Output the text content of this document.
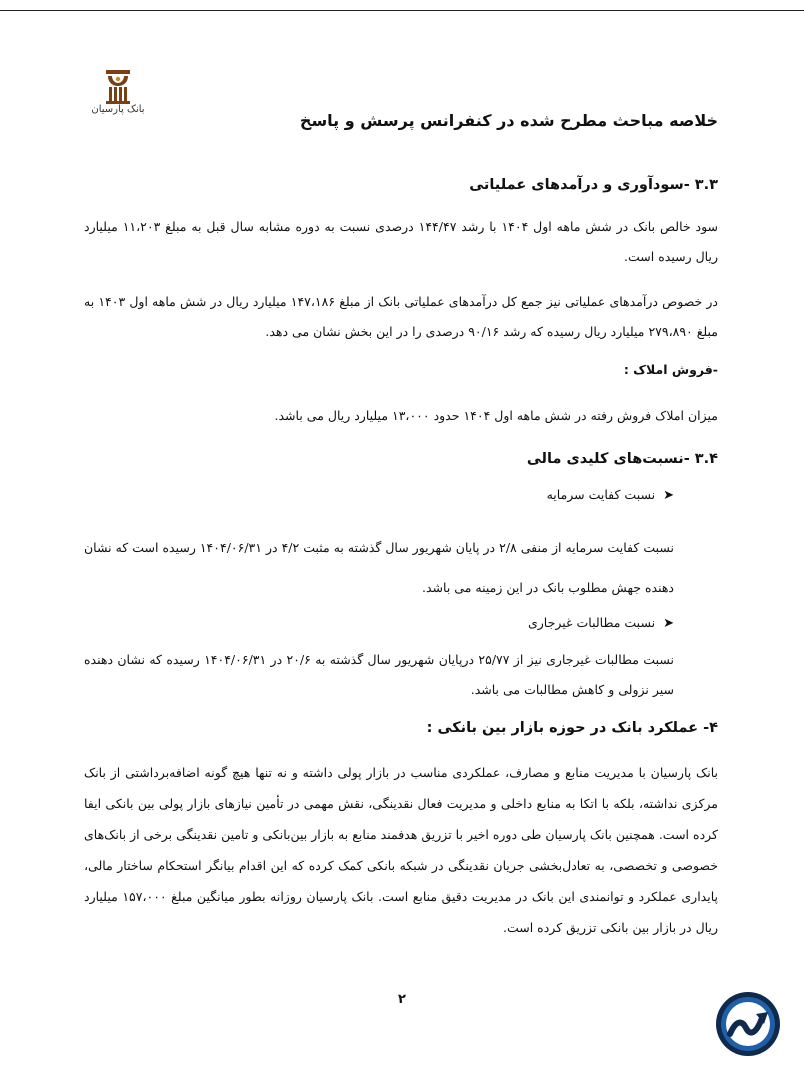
بانک پارسیان
خلاصه مباحث مطرح شده در کنفرانس پرسش و پاسخ
۳.۳ -سودآوری و درآمدهای عملیاتی
سود خالص بانک در شش ماهه اول ۱۴۰۴ با رشد ۱۴۴/۴۷ درصدی نسبت به دوره مشابه سال قبل به مبلغ ۱۱،۲۰۳ میلیارد ریال رسیده است.
در خصوص درآمدهای عملیاتی نیز جمع کل درآمدهای عملیاتی بانک از مبلغ ۱۴۷،۱۸۶ میلیارد ریال در شش ماهه اول ۱۴۰۳ به مبلغ ۲۷۹،۸۹۰ میلیارد ریال رسیده که رشد ۹۰/۱۶ درصدی را در این بخش نشان می دهد.
-فروش املاک :
میزان املاک فروش رفته در شش ماهه اول ۱۴۰۴ حدود ۱۳،۰۰۰ میلیارد ریال می باشد.
۳.۴ -نسبت‌های کلیدی مالی
➤نسبت کفایت سرمایه
نسبت کفایت سرمایه از منفی ۲/۸ در پایان شهریور سال گذشته به مثبت ۴/۲ در ۱۴۰۴/۰۶/۳۱ رسیده است که نشان دهنده جهش مطلوب بانک در این زمینه می باشد.
➤نسبت مطالبات غیرجاری
نسبت مطالبات غیرجاری نیز از ۲۵/۷۷ درپایان شهریور سال گذشته به ۲۰/۶ در ۱۴۰۴/۰۶/۳۱ رسیده که نشان دهنده سیر نزولی و کاهش مطالبات می باشد.
۴- عملکرد بانک در حوزه بازار بین بانکی :
بانک پارسیان با مدیریت منابع و مصارف، عملکردی مناسب در بازار پولی داشته و نه تنها هیچ گونه اضافه‌برداشتی از بانک مرکزی نداشته، بلکه با اتکا به منابع داخلی و مدیریت فعال نقدینگی، نقش مهمی در تأمین نیازهای بازار پولی بین بانکی ایفا کرده است. همچنین بانک پارسیان طی دوره اخیر با تزریق هدفمند منابع به بازار بین‌بانکی و تامین نقدینگی برخی از بانک‌های خصوصی و تخصصی، به تعادل‌بخشی جریان نقدینگی در شبکه بانکی کمک کرده که این اقدام بیانگر استحکام ساختار مالی، پایداری عملکرد و توانمندی این بانک در مدیریت دقیق منابع است. بانک پارسیان روزانه بطور میانگین مبلغ ۱۵۷،۰۰۰ میلیارد ریال در بازار بین بانکی تزریق کرده است.
۲
